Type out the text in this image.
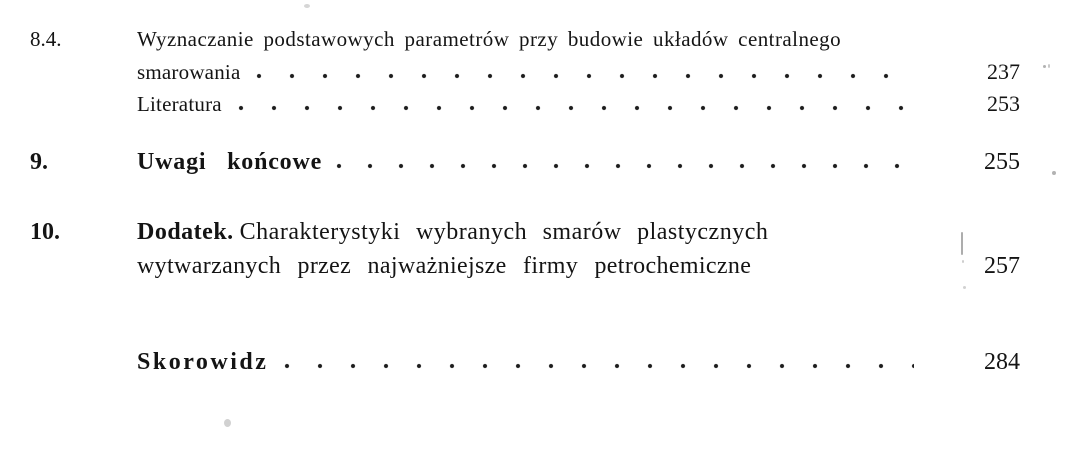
8.4.	Wyznaczanie podstawowych parametrów przy budowie układów centralnego
smarowania	237
Literatura	253
9.	Uwagi końcowe	255
10.	Dodatek. Charakterystyki wybranych smarów plastycznych
wytwarzanych przez najważniejsze firmy petrochemiczne	257
Skorowidz	284
